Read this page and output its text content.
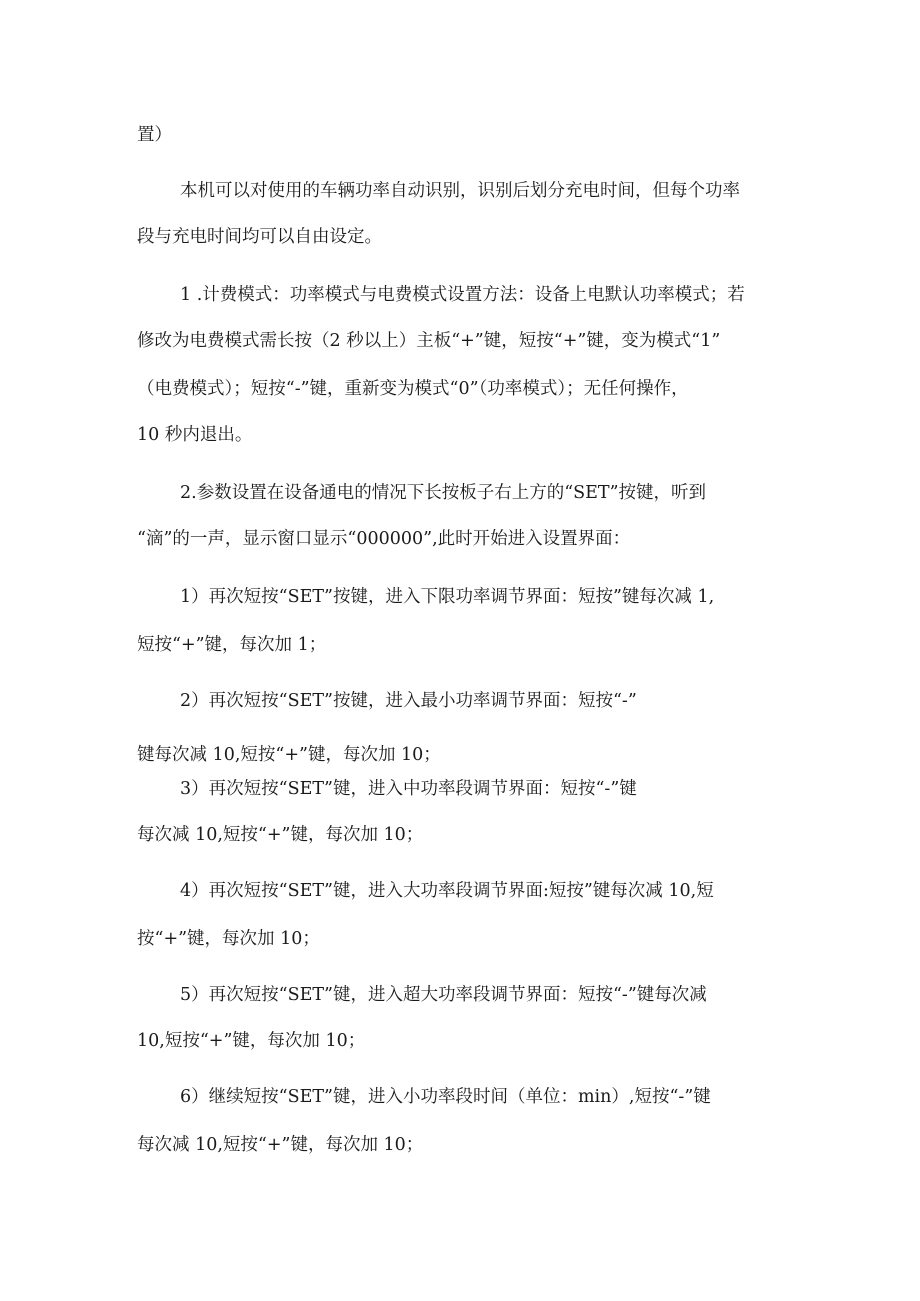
置）

本机可以对使用的车辆功率自动识别，识别后划分充电时间，但每个功率

段与充电时间均可以自由设定。

1 .计费模式：功率模式与电费模式设置方法：设备上电默认功率模式；若

修改为电费模式需长按（2 秒以上）主板“+”键，短按“+”键，变为模式“1”

（电费模式）；短按“-”键，重新变为模式“0”（功率模式）；无任何操作，

10 秒内退出。

2.参数设置在设备通电的情况下长按板子右上方的“SET”按键，听到

“滴”的一声，显示窗口显示“000000”,此时开始进入设置界面：

1）再次短按“SET”按键，进入下限功率调节界面：短按”键每次减 1,

短按“+”键，每次加 1；

2）再次短按“SET”按键，进入最小功率调节界面：短按“-”

键每次减 10,短按“+”键，每次加 10；

3）再次短按“SET”键，进入中功率段调节界面：短按“-”键

每次减 10,短按“+”键，每次加 10；

4）再次短按“SET”键，进入大功率段调节界面:短按”键每次减 10,短

按“+”键，每次加 10；

5）再次短按“SET”键，进入超大功率段调节界面：短按“-”键每次减

10,短按“+”键，每次加 10；

6）继续短按“SET”键，进入小功率段时间（单位：min）,短按“-”键

每次减 10,短按“+”键，每次加 10；
